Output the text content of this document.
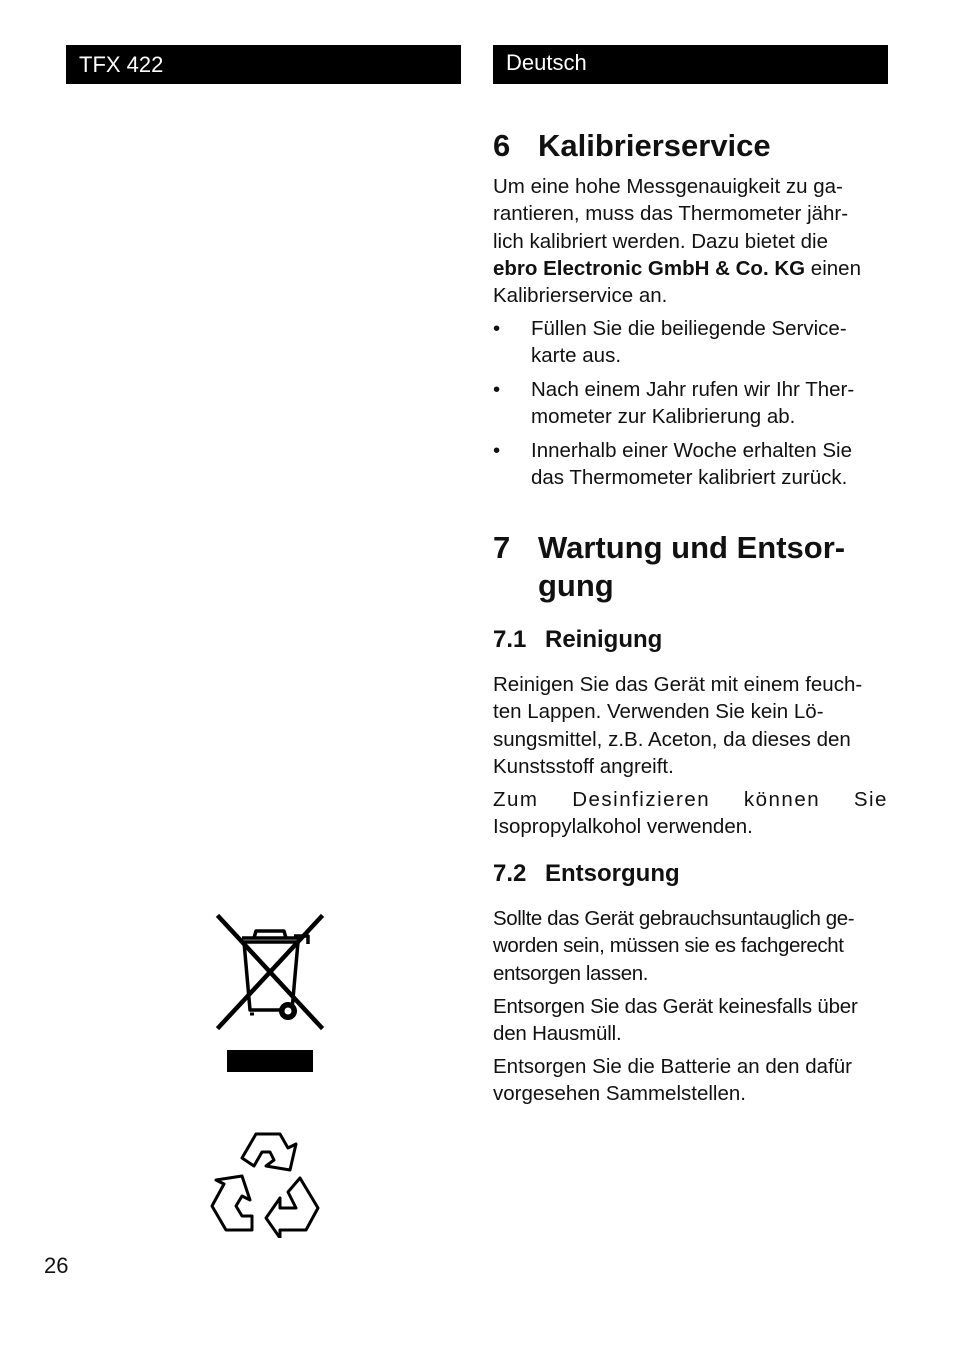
TFX 422	Deutsch
6 Kalibrierservice
Um eine hohe Messgenauigkeit zu ga-
rantieren, muss das Thermometer jähr-
lich kalibriert werden. Dazu bietet die
ebro Electronic GmbH & Co. KG einen
Kalibrierservice an.
• Füllen Sie die beiliegende Service-
karte aus.
• Nach einem Jahr rufen wir Ihr Ther-
mometer zur Kalibrierung ab.
• Innerhalb einer Woche erhalten Sie
das Thermometer kalibriert zurück.
7 Wartung und Entsor-
gung
7.1 Reinigung
Reinigen Sie das Gerät mit einem feuch-
ten Lappen. Verwenden Sie kein Lö-
sungsmittel, z.B. Aceton, da dieses den
Kunstsstoff angreift.
Zum Desinfizieren können Sie
Isopropylalkohol verwenden.
7.2 Entsorgung
Sollte das Gerät gebrauchsuntauglich ge-
worden sein, müssen sie es fachgerecht
entsorgen lassen.
Entsorgen Sie das Gerät keinesfalls über
den Hausmüll.
Entsorgen Sie die Batterie an den dafür
vorgesehen Sammelstellen.
26
